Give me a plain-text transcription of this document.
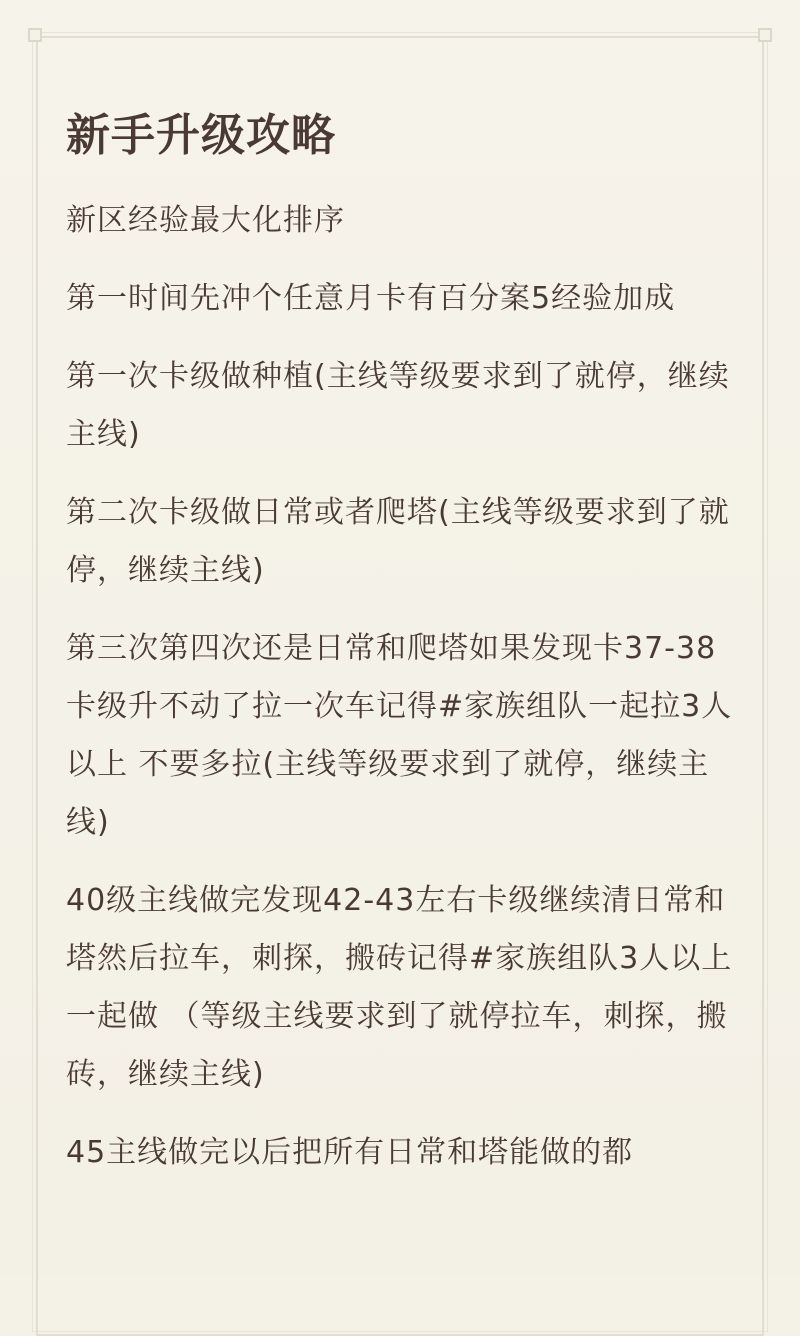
新手升级攻略

新区经验最大化排序

第一时间先冲个任意月卡有百分案5经验加成

第一次卡级做种植(主线等级要求到了就停，继续主线)

第二次卡级做日常或者爬塔(主线等级要求到了就停，继续主线)

第三次第四次还是日常和爬塔如果发现卡37-38卡级升不动了拉一次车记得#家族组队一起拉3人以上 不要多拉(主线等级要求到了就停，继续主线)

40级主线做完发现42-43左右卡级继续清日常和塔然后拉车，刺探，搬砖记得#家族组队3人以上一起做 （等级主线要求到了就停拉车，刺探，搬砖，继续主线)

45主线做完以后把所有日常和塔能做的都
